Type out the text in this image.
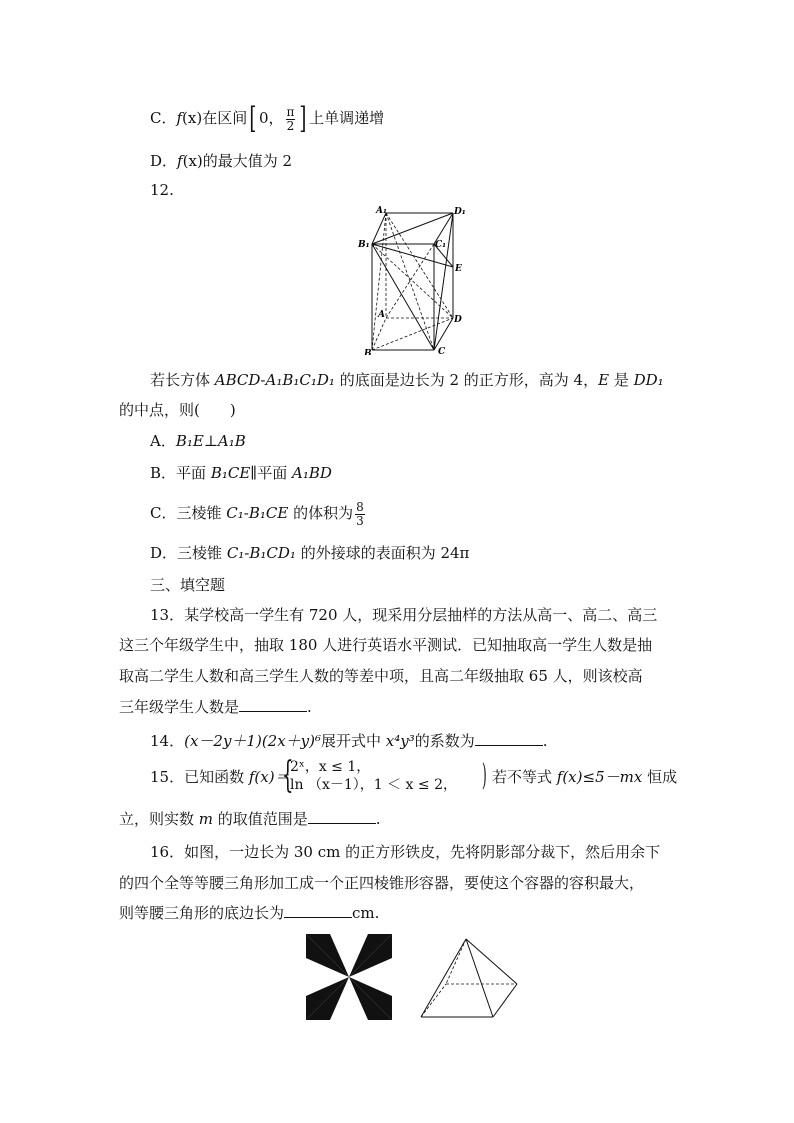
C．f(x)在区间[ 0， $\frac{\pi}{2}$ ] 上单调递增
D．f(x)的最大值为 2
12.
A₁	D₁
B₁	C₁
E
A	D
B	C
若长方体 ABCD-A₁B₁C₁D₁ 的底面是边长为 2 的正方形，高为 4，E 是 DD₁
的中点，则(　　)
A．B₁E⊥A₁B
B．平面 B₁CE∥平面 A₁BD
C．三棱锥 C₁-B₁CE 的体积为 $\frac{8}{3}$
D．三棱锥 C₁-B₁CD₁ 的外接球的表面积为 24π
三、填空题
13．某学校高一学生有 720 人，现采用分层抽样的方法从高一、高二、高三
这三个年级学生中，抽取 180 人进行英语水平测试．已知抽取高一学生人数是抽
取高二学生人数和高三学生人数的等差中项，且高二年级抽取 65 人，则该校高
三年级学生人数是	.
14．(x－2y＋1)(2x＋y)⁶展开式中 x⁴y³的系数为	.
15．已知函数 f(x)＝
{
2ˣ，x ≤ 1，
ln （x－1），1 ＜ x ≤ 2， ) 若不等式 f(x)≤5－mx 恒成
立，则实数 m 的取值范围是	.
16．如图，一边长为 30 cm 的正方形铁皮，先将阴影部分裁下，然后用余下
的四个全等等腰三角形加工成一个正四棱锥形容器，要使这个容器的容积最大，
则等腰三角形的底边长为	cm.
